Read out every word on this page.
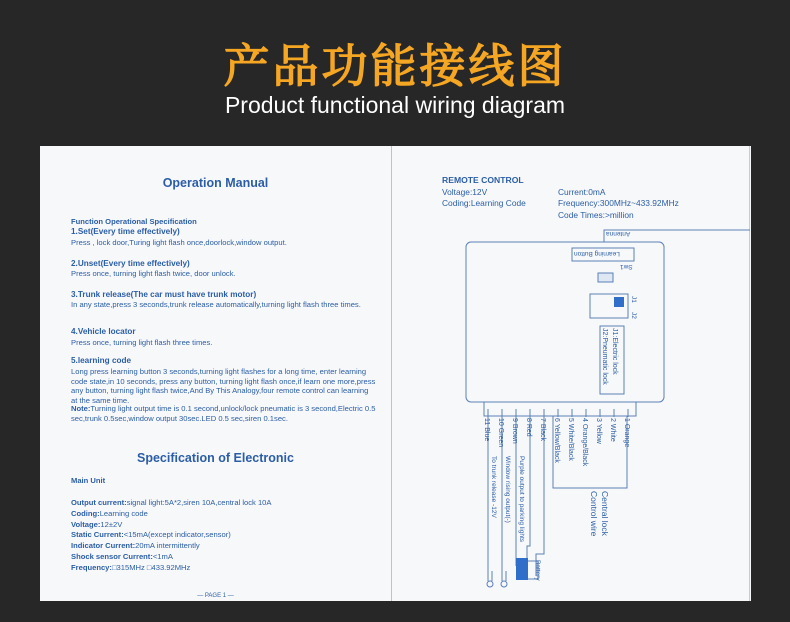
产品功能接线图
Product functional wiring diagram
Operation Manual
Function Operational Specification
1.Set(Every time effectively)
Press , lock door,Turing light flash once,doorlock,window output.
2.Unset(Every time effectively)
Press once, turning light flash twice, door unlock.
3.Trunk release(The car must have trunk motor)
In any state,press 3 seconds,trunk release automatically,turning light flash three times.
4.Vehicle locator
Press once, turning light flash three times.
5.learning code
Long press learning button 3 seconds,turning light flashes for a long time, enter learning code state,in 10 seconds, press any button, turning light flash once,if learn one more,press any button, turning light flash twice,And By This Analogy,four remote control can learning at the same time.
Note:Turning light output time is 0.1 second,unlock/lock pneumatic is 3 second,Electric 0.5 sec,trunk 0.5sec,window output 30sec.LED 0.5 sec,siren 0.1sec.
Specification of Electronic
Main Unit
Output current:signal light:5A*2,siren 10A,central lock 10A
Coding:Learning code
Voltage:12±2V
Static Current:<15mA(except indicator,sensor)
Indicator Current:20mA intermittently
Shock sensor Current:<1mA
Frequency:□315MHz □433.92MHz
— PAGE 1 —
REMOTE CONTROL
Voltage:12V
Coding:Learning Code
Current:0mA
Frequency:300MHz~433.92MHz
Code Times:>million
Antenna
Learning Button
Sw1
J1
J2
J1:Electric lock
J2:Pneumatic lock
1 Orange
2 White
3 Yellow
4 Orange/Black
5 White/Black
6 Yellow/Black
7 Black
8 Red
9 Brown
10 Green
11 Blue
Central lock
Control wire
Purple output to parking lights
Window rising output(-)
To trunk release -12V
Battery
